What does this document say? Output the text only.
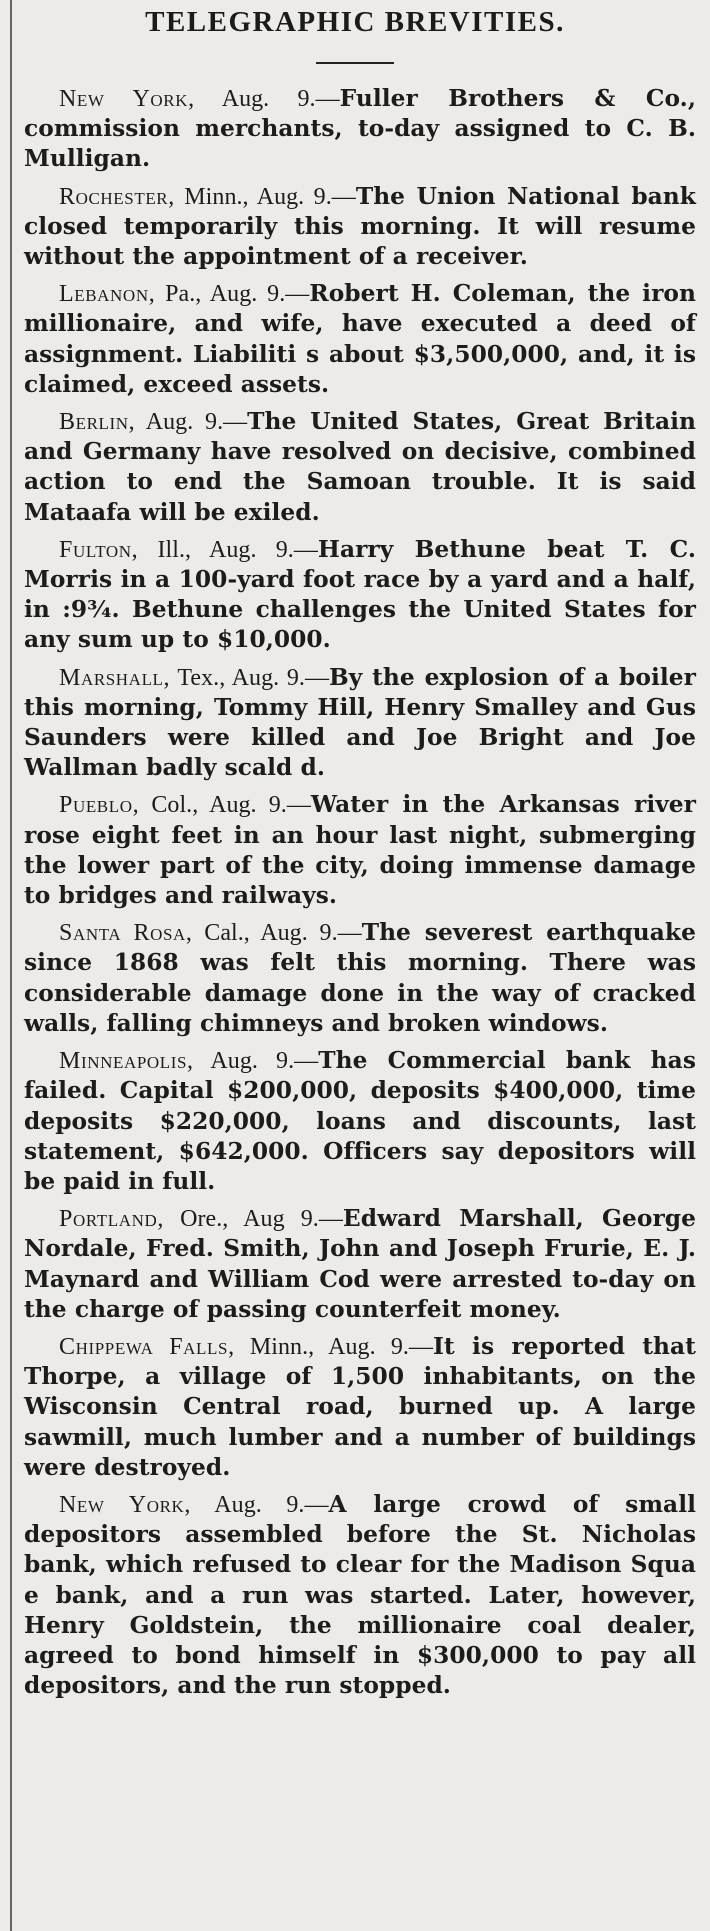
TELEGRAPHIC BREVITIES.

New York, Aug. 9.—Fuller Brothers & Co., commission merchants, to-day assigned to C. B. Mulligan.

Rochester, Minn., Aug. 9.—The Union National bank closed temporarily this morning. It will resume without the appointment of a receiver.

Lebanon, Pa., Aug. 9.—Robert H. Coleman, the iron millionaire, and wife, have executed a deed of assignment. Liabiliti s about $3,500,000, and, it is claimed, exceed assets.

Berlin, Aug. 9.—The United States, Great Britain and Germany have resolved on decisive, combined action to end the Samoan trouble. It is said Mataafa will be exiled.

Fulton, Ill., Aug. 9.—Harry Bethune beat T. C. Morris in a 100-yard foot race by a yard and a half, in :9¾. Bethune challenges the United States for any sum up to $10,000.

Marshall, Tex., Aug. 9.—By the explosion of a boiler this morning, Tommy Hill, Henry Smalley and Gus Saunders were killed and Joe Bright and Joe Wallman badly scald d.

Pueblo, Col., Aug. 9.—Water in the Arkansas river rose eight feet in an hour last night, submerging the lower part of the city, doing immense damage to bridges and railways.

Santa Rosa, Cal., Aug. 9.—The severest earthquake since 1868 was felt this morning. There was considerable damage done in the way of cracked walls, falling chimneys and broken windows.

Minneapolis, Aug. 9.—The Commercial bank has failed. Capital $200,000, deposits $400,000, time deposits $220,000, loans and discounts, last statement, $642,000. Officers say depositors will be paid in full.

Portland, Ore., Aug 9.—Edward Marshall, George Nordale, Fred. Smith, John and Joseph Frurie, E. J. Maynard and William Cod were arrested to-day on the charge of passing counterfeit money.

Chippewa Falls, Minn., Aug. 9.—It is reported that Thorpe, a village of 1,500 inhabitants, on the Wisconsin Central road, burned up. A large sawmill, much lumber and a number of buildings were destroyed.

New York, Aug. 9.—A large crowd of small depositors assembled before the St. Nicholas bank, which refused to clear for the Madison Squa e bank, and a run was started. Later, however, Henry Goldstein, the millionaire coal dealer, agreed to bond himself in $300,000 to pay all depositors, and the run stopped.
